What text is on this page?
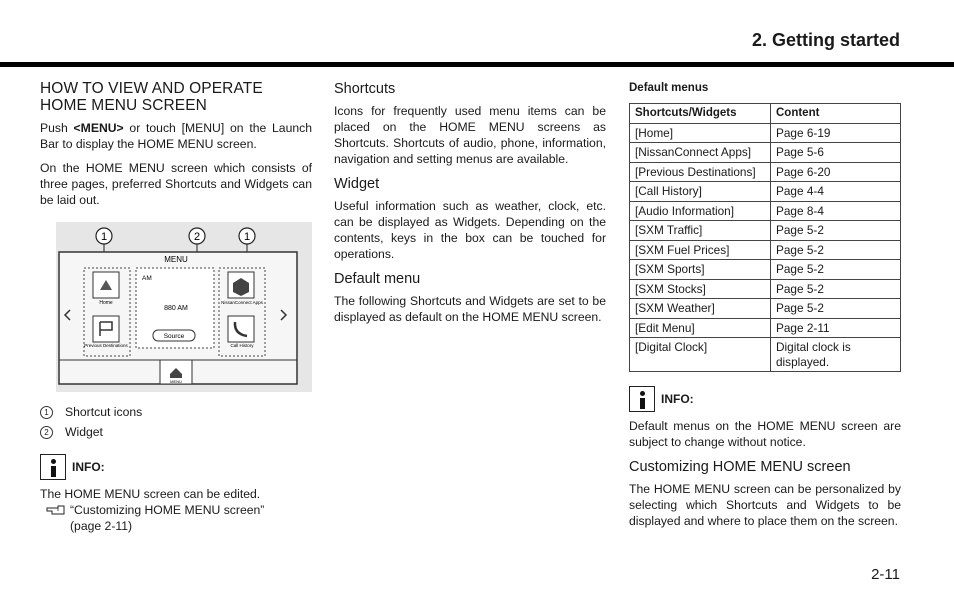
2. Getting started
HOW TO VIEW AND OPERATE HOME MENU SCREEN

Push <MENU> or touch [MENU] on the Launch Bar to display the HOME MENU screen.

On the HOME MENU screen which consists of three pages, preferred Shortcuts and Widgets can be laid out.

1	2	1
MENU
Home
Previous Destinations
AM
880 AM
Source
NissanConnect Apps
Call History
MENU
1	Shortcut icons
2	Widget
INFO:
The HOME MENU screen can be edited.
“Customizing HOME MENU screen”
(page 2-11)
Shortcuts

Icons for frequently used menu items can be placed on the HOME MENU screens as Shortcuts. Shortcuts of audio, phone, information, navigation and setting menus are available.

Widget

Useful information such as weather, clock, etc. can be displayed as Widgets. Depending on the contents, keys in the box can be touched for operations.

Default menu

The following Shortcuts and Widgets are set to be displayed as default on the HOME MENU screen.

Default menus
Shortcuts/Widgets	Content
[Home]	Page 6-19
[NissanConnect Apps]	Page 5-6
[Previous Destinations]	Page 6-20
[Call History]	Page 4-4
[Audio Information]	Page 8-4
[SXM Traffic]	Page 5-2
[SXM Fuel Prices]	Page 5-2
[SXM Sports]	Page 5-2
[SXM Stocks]	Page 5-2
[SXM Weather]	Page 5-2
[Edit Menu]	Page 2-11
[Digital Clock]	Digital clock is displayed.
INFO:

Default menus on the HOME MENU screen are subject to change without notice.

Customizing HOME MENU screen

The HOME MENU screen can be personalized by selecting which Shortcuts and Widgets to be displayed and where to place them on the screen.

2-11
